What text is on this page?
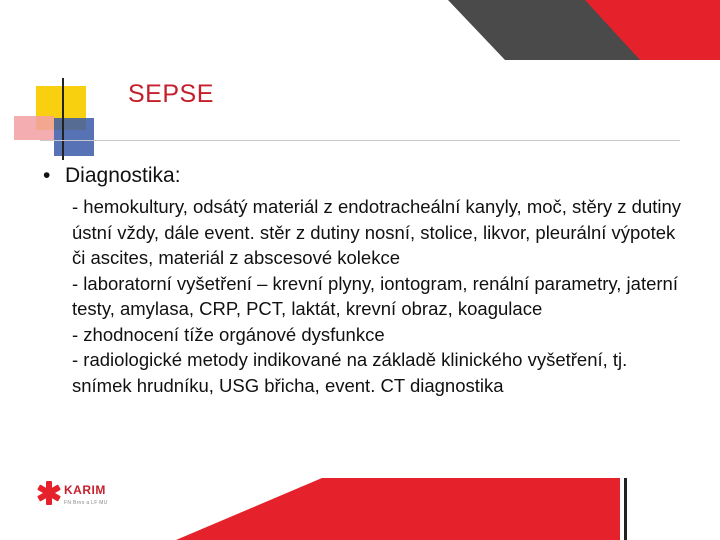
SEPSE
• Diagnostika:

- hemokultury, odsátý materiál z endotracheální kanyly, moč, stěry z dutiny ústní vždy, dále event. stěr z dutiny nosní, stolice, likvor, pleurální výpotek či ascites, materiál z abscesové kolekce

- laboratorní vyšetření – krevní plyny, iontogram, renální parametry, jaterní testy, amylasa, CRP, PCT, laktát, krevní obraz, koagulace

- zhodnocení tíže orgánové dysfunkce

- radiologické metody indikované na základě klinického vyšetření, tj. snímek hrudníku, USG břicha, event. CT diagnostika

KARIM
FN Brno a LF MU
